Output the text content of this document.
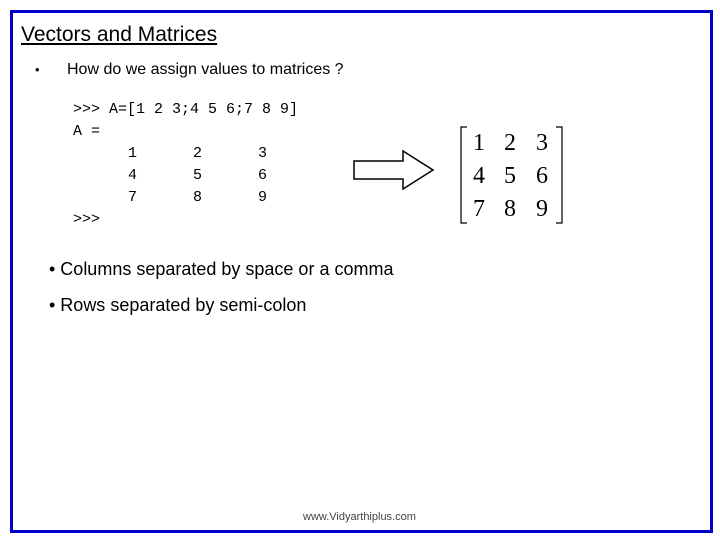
Vectors and Matrices
• How do we assign values to matrices ?
>>> A=[1 2 3;4 5 6;7 8 9]
A =
1	2	3
4	5	6
7	8	9
>>>
1 2 3
4 5 6
7 8 9
• Columns separated by space or a comma
• Rows separated by semi-colon
www.Vidyarthiplus.com
